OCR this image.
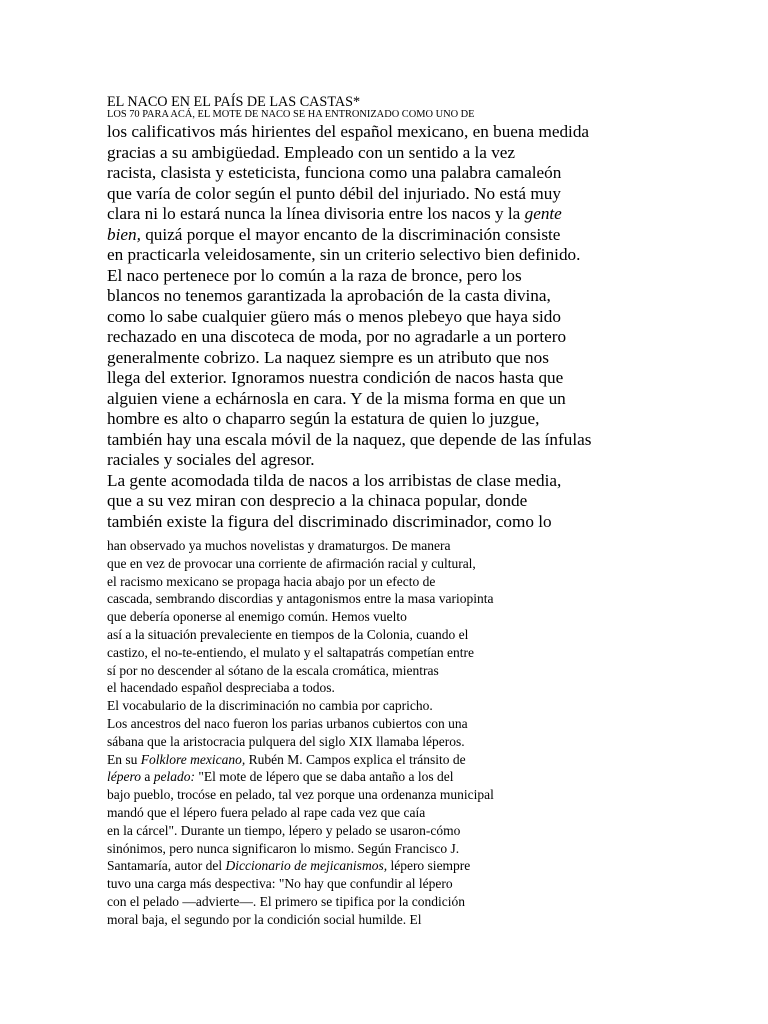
EL NACO EN EL PAÍS DE LAS CASTAS*
LOS 70 PARA ACÁ, EL MOTE DE NACO SE HA ENTRONIZADO COMO UNO DE
los calificativos más hirientes del español mexicano, en buena medida
gracias a su ambigüedad. Empleado con un sentido a la vez
racista, clasista y esteticista, funciona como una palabra camaleón
que varía de color según el punto débil del injuriado. No está muy
clara ni lo estará nunca la línea divisoria entre los nacos y la gente
bien, quizá porque el mayor encanto de la discriminación consiste
en practicarla veleidosamente, sin un criterio selectivo bien definido.
El naco pertenece por lo común a la raza de bronce, pero los
blancos no tenemos garantizada la aprobación de la casta divina,
como lo sabe cualquier güero más o menos plebeyo que haya sido
rechazado en una discoteca de moda, por no agradarle a un portero
generalmente cobrizo. La naquez siempre es un atributo que nos
llega del exterior. Ignoramos nuestra condición de nacos hasta que
alguien viene a echárnosla en cara. Y de la misma forma en que un
hombre es alto o chaparro según la estatura de quien lo juzgue,
también hay una escala móvil de la naquez, que depende de las ínfulas
raciales y sociales del agresor.
La gente acomodada tilda de nacos a los arribistas de clase media,
que a su vez miran con desprecio a la chinaca popular, donde
también existe la figura del discriminado discriminador, como lo
han observado ya muchos novelistas y dramaturgos. De manera
que en vez de provocar una corriente de afirmación racial y cultural,
el racismo mexicano se propaga hacia abajo por un efecto de
cascada, sembrando discordias y antagonismos entre la masa variopinta
que debería oponerse al enemigo común. Hemos vuelto
así a la situación prevaleciente en tiempos de la Colonia, cuando el
castizo, el no-te-entiendo, el mulato y el saltapatrás competían entre
sí por no descender al sótano de la escala cromática, mientras
el hacendado español despreciaba a todos.
El vocabulario de la discriminación no cambia por capricho.
Los ancestros del naco fueron los parias urbanos cubiertos con una
sábana que la aristocracia pulquera del siglo XIX llamaba léperos.
En su Folklore mexicano, Rubén M. Campos explica el tránsito de
lépero a pelado: "El mote de lépero que se daba antaño a los del
bajo pueblo, trocóse en pelado, tal vez porque una ordenanza municipal
mandó que el lépero fuera pelado al rape cada vez que caía
en la cárcel". Durante un tiempo, lépero y pelado se usaron-cómo
sinónimos, pero nunca significaron lo mismo. Según Francisco J.
Santamaría, autor del Diccionario de mejicanismos, lépero siempre
tuvo una carga más despectiva: "No hay que confundir al lépero
con el pelado —advierte—. El primero se tipifica por la condición
moral baja, el segundo por la condición social humilde. El
